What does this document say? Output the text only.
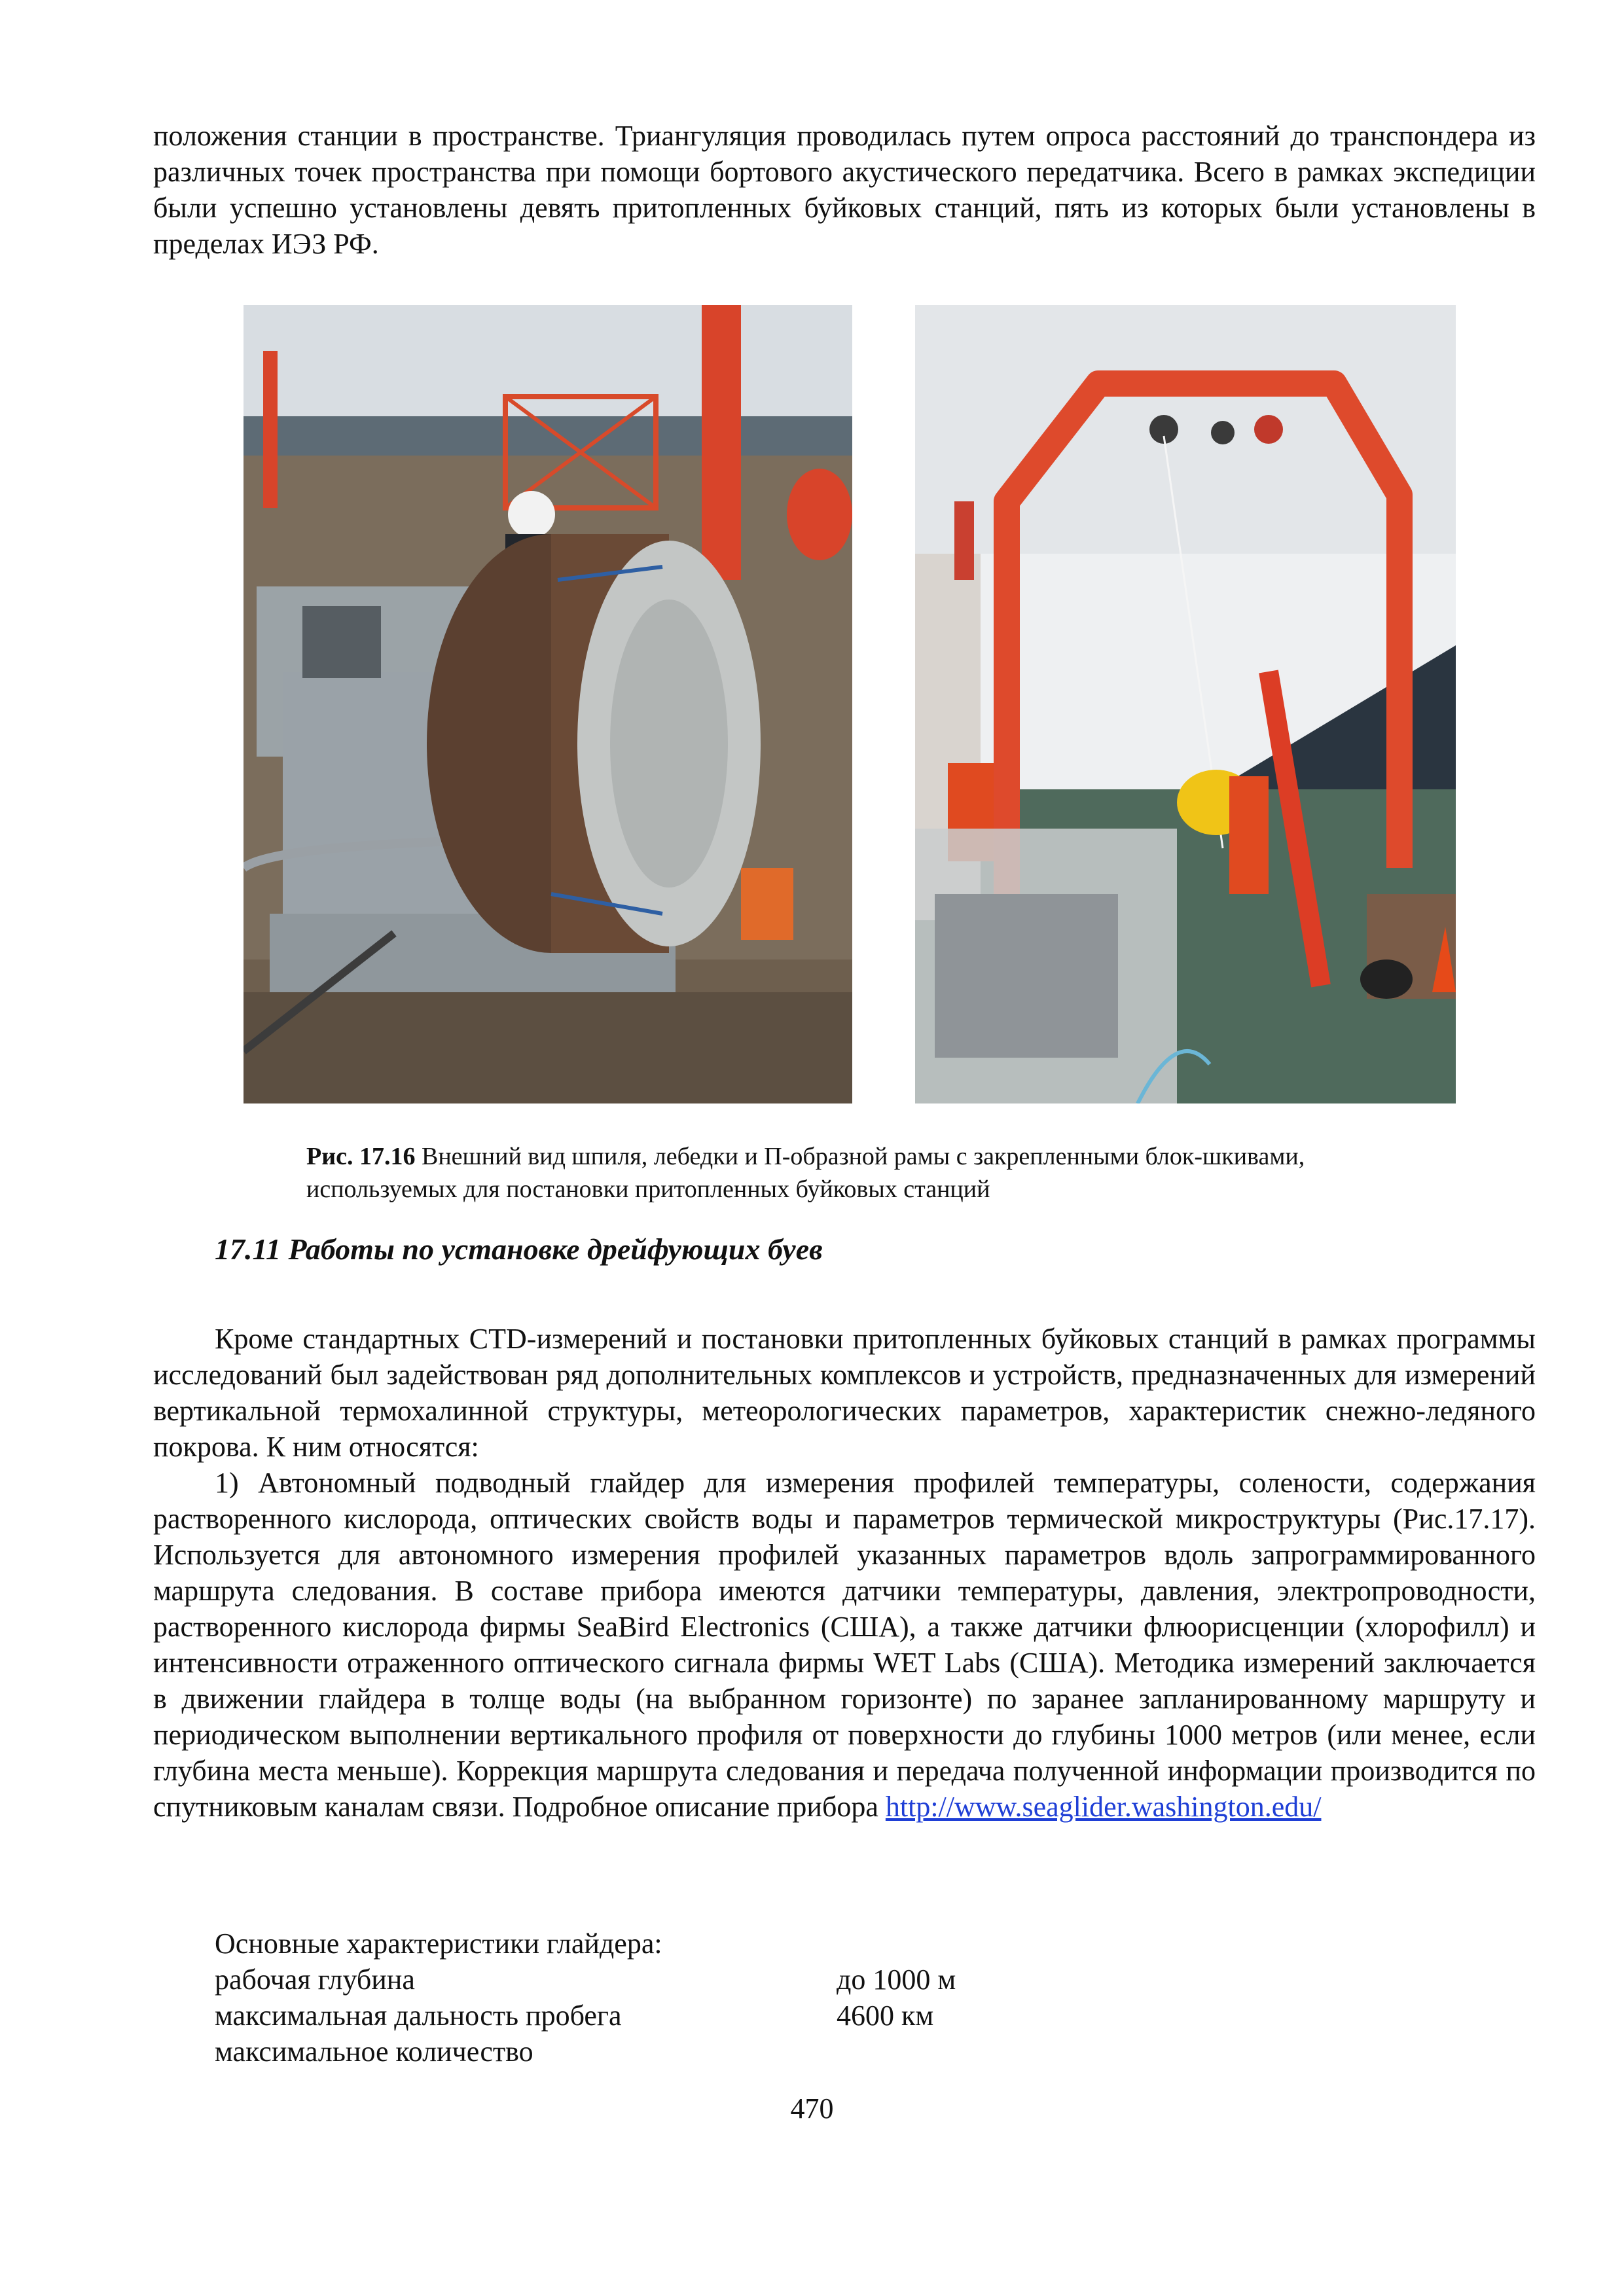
положения станции в пространстве. Триангуляция проводилась путем опроса расстояний до транспондера из различных точек пространства при помощи бортового акустического передатчика. Всего в рамках экспедиции были успешно установлены девять притопленных буйковых станций, пять из которых были установлены в пределах ИЭЗ РФ.

Рис. 17.16 Внешний вид шпиля, лебедки и П-образной рамы с закрепленными блок-шкивами, используемых для постановки притопленных буйковых станций

17.11 Работы по установке дрейфующих буев

Кроме стандартных CTD-измерений и постановки притопленных буйковых станций в рамках программы исследований был задействован ряд дополнительных комплексов и устройств, предназначенных для измерений вертикальной термохалинной структуры, метеорологических параметров, характеристик снежно-ледяного покрова. К ним относятся:

1) Автономный подводный глайдер для измерения профилей температуры, солености, содержания растворенного кислорода, оптических свойств воды и параметров термической микроструктуры (Рис.17.17). Используется для автономного измерения профилей указанных параметров вдоль запрограммированного маршрута следования. В составе прибора имеются датчики температуры, давления, электропроводности, растворенного кислорода фирмы SeaBird Electronics (США), а также датчики флюорисценции (хлорофилл) и интенсивности отраженного оптического сигнала фирмы WET Labs (США). Методика измерений заключается в движении глайдера в толще воды (на выбранном горизонте) по заранее запланированному маршруту и периодическом выполнении вертикального профиля от поверхности до глубины 1000 метров (или менее, если глубина места меньше). Коррекция маршрута следования и передача полученной информации производится по спутниковым каналам связи. Подробное описание прибора http://www.seaglider.washington.edu/

Основные характеристики глайдера:
рабочая глубина	до 1000 м
максимальная дальность пробега	4600 км
максимальное количество
470
